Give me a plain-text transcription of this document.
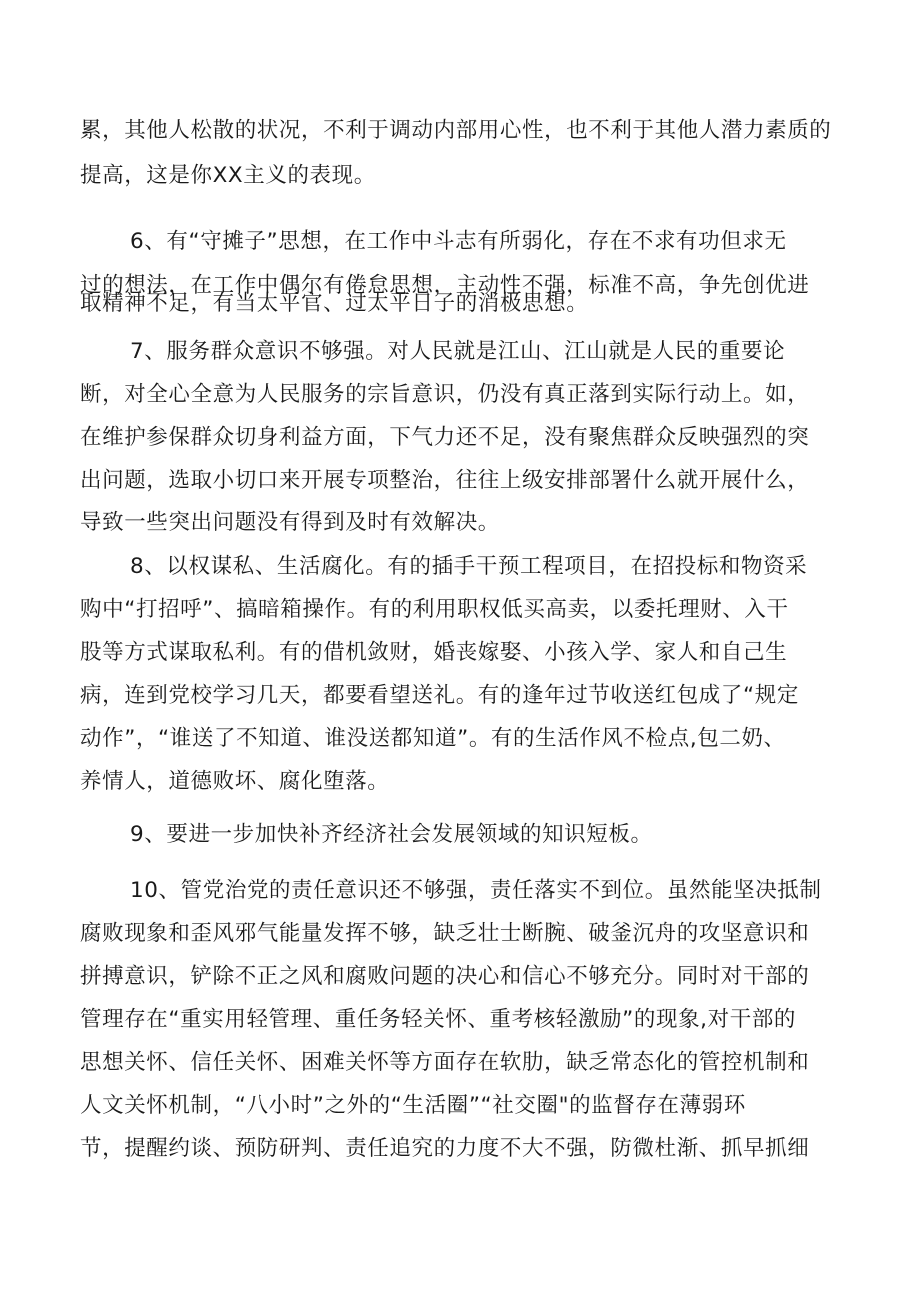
累，其他人松散的状况，不利于调动内部用心性，也不利于其他人潜力素质的
提高，这是你XX主义的表现。
6、有“守摊子”思想，在工作中斗志有所弱化，存在不求有功但求无
过的想法，在工作中偶尔有倦怠思想，主动性不强，标准不高，争先创优进
取精神不足，有当太平官、过太平日子的消极思想。
7、服务群众意识不够强。对人民就是江山、江山就是人民的重要论
断，对全心全意为人民服务的宗旨意识，仍没有真正落到实际行动上。如，
在维护参保群众切身利益方面，下气力还不足，没有聚焦群众反映强烈的突
出问题，选取小切口来开展专项整治，往往上级安排部署什么就开展什么，
导致一些突出问题没有得到及时有效解决。
8、以权谋私、生活腐化。有的插手干预工程项目，在招投标和物资采
购中“打招呼”、搞暗箱操作。有的利用职权低买高卖，以委托理财、入干
股等方式谋取私利。有的借机敛财，婚丧嫁娶、小孩入学、家人和自己生
病，连到党校学习几天，都要看望送礼。有的逢年过节收送红包成了“规定
动作”，“谁送了不知道、谁没送都知道”。有的生活作风不检点,包二奶、
养情人，道德败坏、腐化堕落。
9、要进一步加快补齐经济社会发展领域的知识短板。
10、管党治党的责任意识还不够强，责任落实不到位。虽然能坚决抵制
腐败现象和歪风邪气能量发挥不够，缺乏壮士断腕、破釜沉舟的攻坚意识和
拼搏意识，铲除不正之风和腐败问题的决心和信心不够充分。同时对干部的
管理存在“重实用轻管理、重任务轻关怀、重考核轻激励”的现象,对干部的
思想关怀、信任关怀、困难关怀等方面存在软肋，缺乏常态化的管控机制和
人文关怀机制，“八小时”之外的“生活圈”“社交圈"的监督存在薄弱环
节，提醒约谈、预防研判、责任追究的力度不大不强，防微杜渐、抓早抓细
